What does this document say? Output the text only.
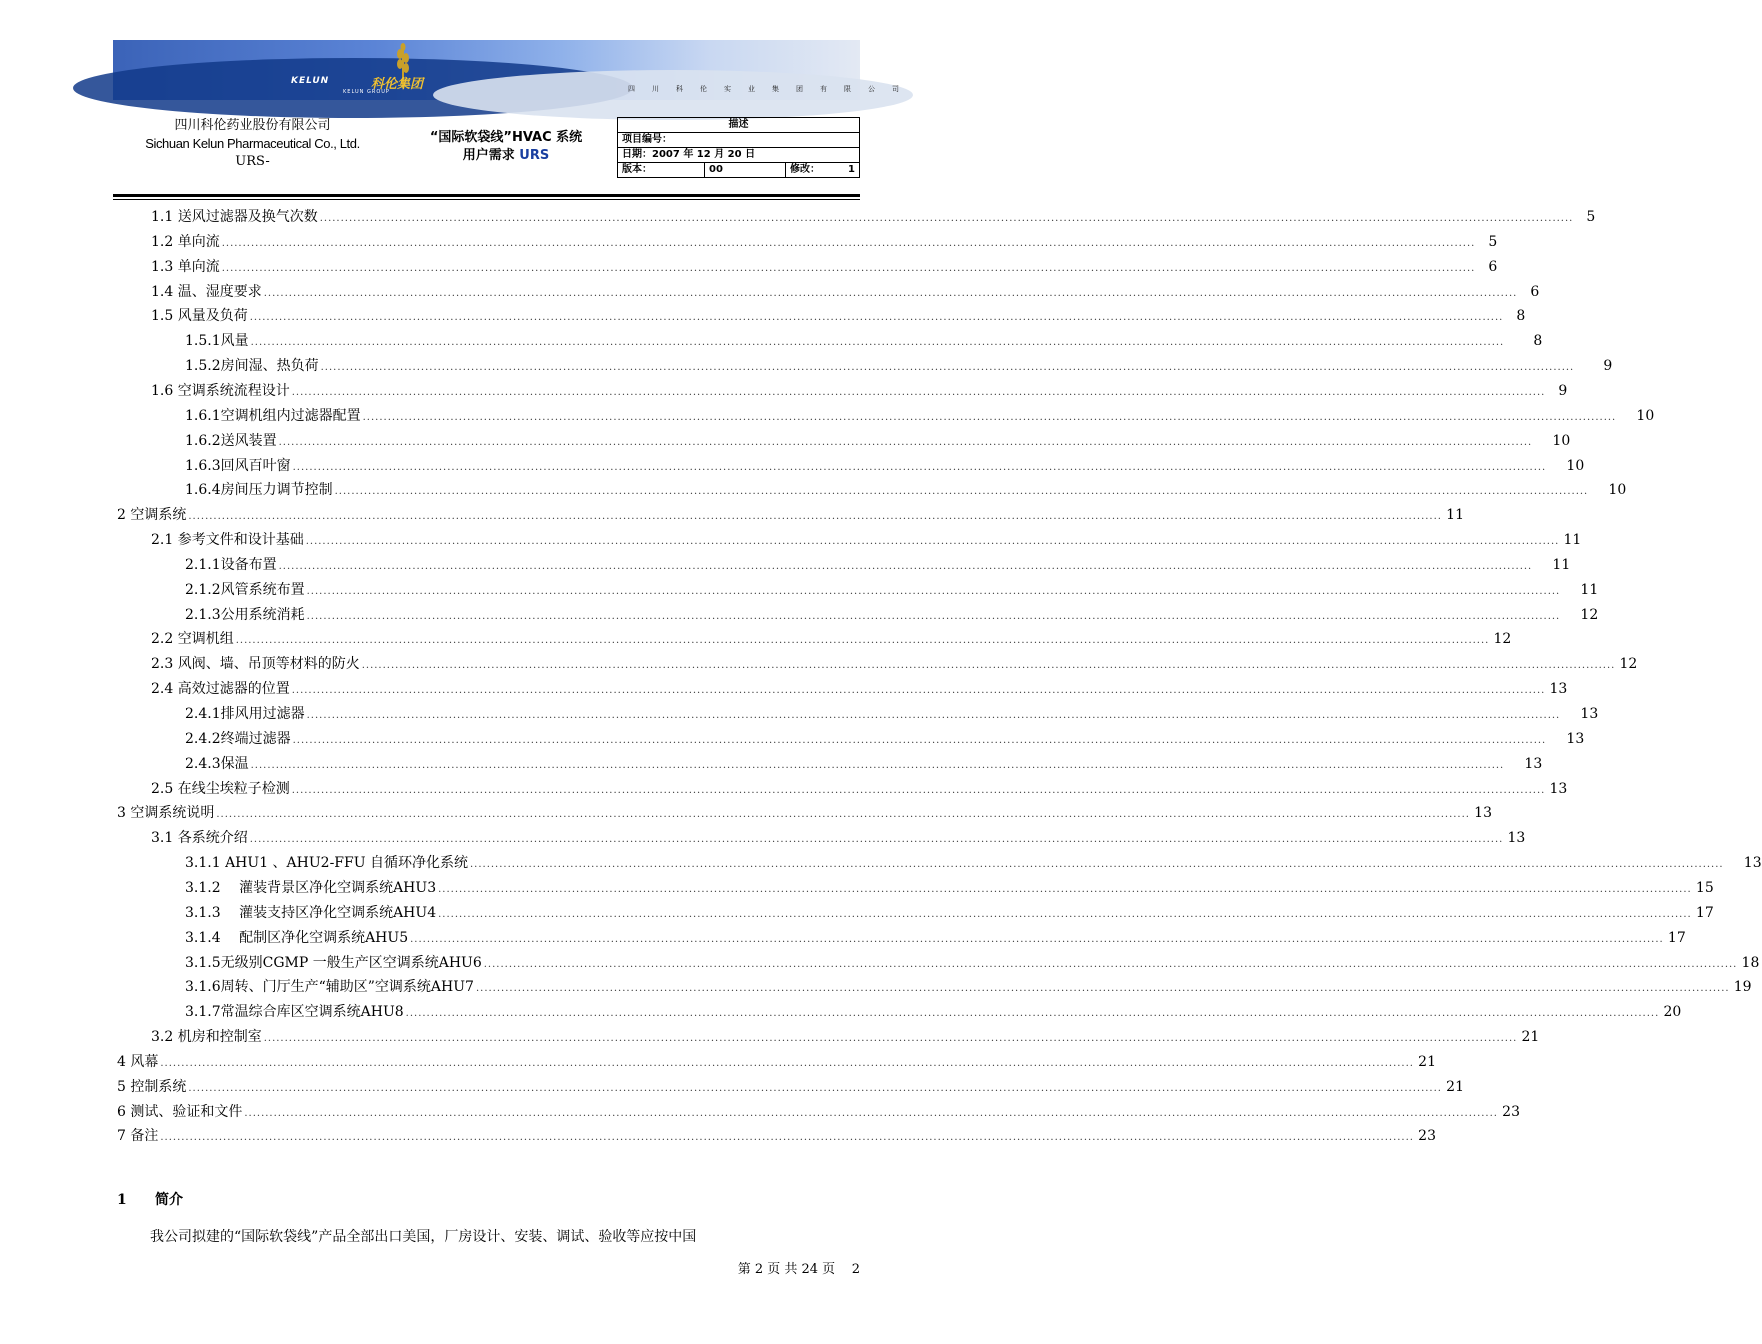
KELUN	科伦集团
KELUN GROUP	四川科伦实业集团有限公司
四川科伦药业股份有限公司
Sichuan Kelun Pharmaceutical Co., Ltd.
URS-
“国际软袋线”HVAC 系统
用户需求 URS
描述
项目编号：
日期：2007 年 12 月 20 日
版本：	00	修改：	1
1.1 送风过滤器及换气次数 ............................................................................................................................................................................................................................................................................................................ 5
1.2 单向流 ............................................................................................................................................................................................................................................................................................................ 5
1.3 单向流 ............................................................................................................................................................................................................................................................................................................ 6
1.4 温、湿度要求 ............................................................................................................................................................................................................................................................................................................ 6
1.5 风量及负荷 ............................................................................................................................................................................................................................................................................................................ 8
1.5.1风量 ............................................................................................................................................................................................................................................................................................................	8
1.5.2房间湿、热负荷 ............................................................................................................................................................................................................................................................................................................	9
1.6 空调系统流程设计 ............................................................................................................................................................................................................................................................................................................ 9
1.6.1空调机组内过滤器配置 ............................................................................................................................................................................................................................................................................................................	10
1.6.2送风装置 ............................................................................................................................................................................................................................................................................................................	10
1.6.3回风百叶窗 ............................................................................................................................................................................................................................................................................................................	10
1.6.4房间压力调节控制 ............................................................................................................................................................................................................................................................................................................	10
2 空调系统 ............................................................................................................................................................................................................................................................................................................ 11
2.1 参考文件和设计基础 ............................................................................................................................................................................................................................................................................................................ 11
2.1.1设备布置 ............................................................................................................................................................................................................................................................................................................	11
2.1.2风管系统布置 ............................................................................................................................................................................................................................................................................................................	11
2.1.3公用系统消耗 ............................................................................................................................................................................................................................................................................................................	12
2.2 空调机组 ............................................................................................................................................................................................................................................................................................................ 12
2.3 风阀、墙、吊顶等材料的防火 ............................................................................................................................................................................................................................................................................................................ 12
2.4 高效过滤器的位置 ............................................................................................................................................................................................................................................................................................................ 13
2.4.1排风用过滤器 ............................................................................................................................................................................................................................................................................................................	13
2.4.2终端过滤器 ............................................................................................................................................................................................................................................................................................................	13
2.4.3保温 ............................................................................................................................................................................................................................................................................................................	13
2.5 在线尘埃粒子检测 ............................................................................................................................................................................................................................................................................................................ 13
3 空调系统说明 ............................................................................................................................................................................................................................................................................................................ 13
3.1 各系统介绍 ............................................................................................................................................................................................................................................................................................................ 13
3.1.1 AHU1 、AHU2-FFU 自循环净化系统 ............................................................................................................................................................................................................................................................................................................	13
3.1.2　 灌装背景区净化空调系统AHU3 ............................................................................................................................................................................................................................................................................................................ 15
3.1.3　 灌装支持区净化空调系统AHU4 ............................................................................................................................................................................................................................................................................................................ 17
3.1.4　 配制区净化空调系统AHU5 ............................................................................................................................................................................................................................................................................................................ 17
3.1.5无级别CGMP 一般生产区空调系统AHU6 ............................................................................................................................................................................................................................................................................................................ 18
3.1.6周转、门厅生产“辅助区”空调系统AHU7 ............................................................................................................................................................................................................................................................................................................ 19
3.1.7常温综合库区空调系统AHU8 ............................................................................................................................................................................................................................................................................................................ 20
3.2 机房和控制室 ............................................................................................................................................................................................................................................................................................................ 21
4 风幕 ............................................................................................................................................................................................................................................................................................................ 21
5 控制系统 ............................................................................................................................................................................................................................................................................................................ 21
6 测试、验证和文件 ............................................................................................................................................................................................................................................................................................................ 23
7 备注 ............................................................................................................................................................................................................................................................................................................ 23
1 简介
我公司拟建的“国际软袋线”产品全部出口美国，厂房设计、安装、调试、验收等应按中国
第 2 页 共 24 页 2
